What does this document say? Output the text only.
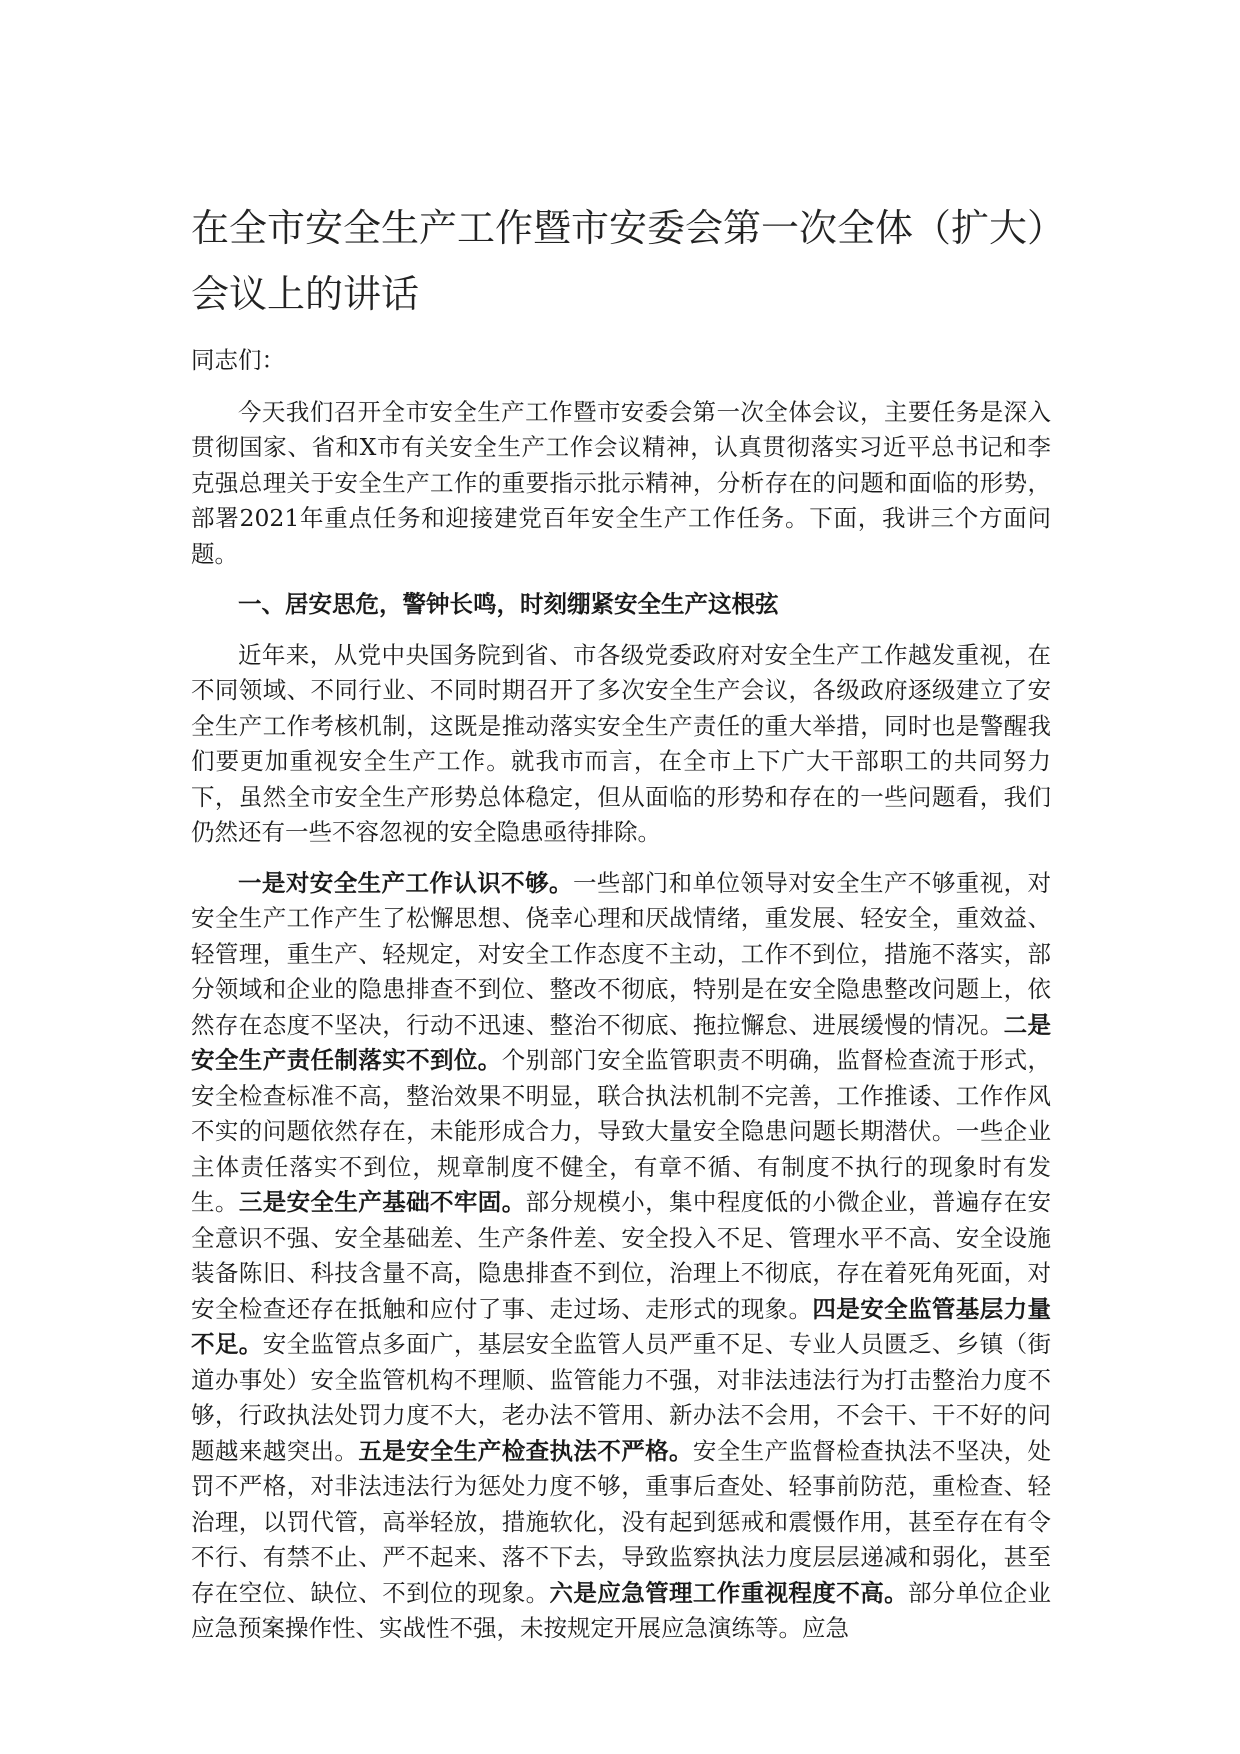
在全市安全生产工作暨市安委会第一次全体（扩大）会议上的讲话

同志们：

今天我们召开全市安全生产工作暨市安委会第一次全体会议，主要任务是深入贯彻国家、省和X市有关安全生产工作会议精神，认真贯彻落实习近平总书记和李克强总理关于安全生产工作的重要指示批示精神，分析存在的问题和面临的形势，部署2021年重点任务和迎接建党百年安全生产工作任务。下面，我讲三个方面问题。

一、居安思危，警钟长鸣，时刻绷紧安全生产这根弦

近年来，从党中央国务院到省、市各级党委政府对安全生产工作越发重视，在不同领域、不同行业、不同时期召开了多次安全生产会议，各级政府逐级建立了安全生产工作考核机制，这既是推动落实安全生产责任的重大举措，同时也是警醒我们要更加重视安全生产工作。就我市而言，在全市上下广大干部职工的共同努力下，虽然全市安全生产形势总体稳定，但从面临的形势和存在的一些问题看，我们仍然还有一些不容忽视的安全隐患亟待排除。

一是对安全生产工作认识不够。一些部门和单位领导对安全生产不够重视，对安全生产工作产生了松懈思想、侥幸心理和厌战情绪，重发展、轻安全，重效益、轻管理，重生产、轻规定，对安全工作态度不主动，工作不到位，措施不落实，部分领域和企业的隐患排查不到位、整改不彻底，特别是在安全隐患整改问题上，依然存在态度不坚决，行动不迅速、整治不彻底、拖拉懈怠、进展缓慢的情况。二是安全生产责任制落实不到位。个别部门安全监管职责不明确，监督检查流于形式，安全检查标准不高，整治效果不明显，联合执法机制不完善，工作推诿、工作作风不实的问题依然存在，未能形成合力，导致大量安全隐患问题长期潜伏。一些企业主体责任落实不到位，规章制度不健全，有章不循、有制度不执行的现象时有发生。三是安全生产基础不牢固。部分规模小，集中程度低的小微企业，普遍存在安全意识不强、安全基础差、生产条件差、安全投入不足、管理水平不高、安全设施装备陈旧、科技含量不高，隐患排查不到位，治理上不彻底，存在着死角死面，对安全检查还存在抵触和应付了事、走过场、走形式的现象。四是安全监管基层力量不足。安全监管点多面广，基层安全监管人员严重不足、专业人员匮乏、乡镇（街道办事处）安全监管机构不理顺、监管能力不强，对非法违法行为打击整治力度不够，行政执法处罚力度不大，老办法不管用、新办法不会用，不会干、干不好的问题越来越突出。五是安全生产检查执法不严格。安全生产监督检查执法不坚决，处罚不严格，对非法违法行为惩处力度不够，重事后查处、轻事前防范，重检查、轻治理，以罚代管，高举轻放，措施软化，没有起到惩戒和震慑作用，甚至存在有令不行、有禁不止、严不起来、落不下去，导致监察执法力度层层递减和弱化，甚至存在空位、缺位、不到位的现象。六是应急管理工作重视程度不高。部分单位企业应急预案操作性、实战性不强，未按规定开展应急演练等。应急
